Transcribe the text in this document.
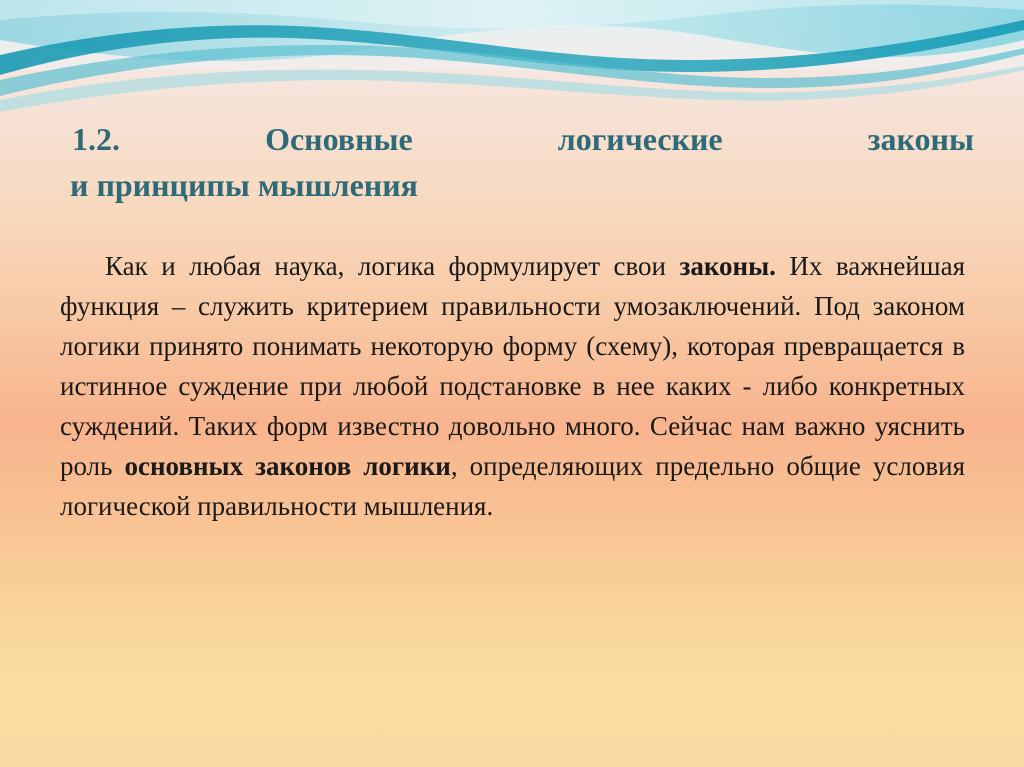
1.2.	Основные	логические	законы
и принципы мышления

Как и любая наука, логика формулирует свои законы. Их важнейшая функция – служить критерием правильности умозаключений. Под законом логики принято понимать некоторую форму (схему), которая превращается в истинное суждение при любой подстановке в нее каких - либо конкретных суждений. Таких форм известно довольно много. Сейчас нам важно уяснить роль основных законов логики, определяющих предельно общие условия логической правильности мышления.
